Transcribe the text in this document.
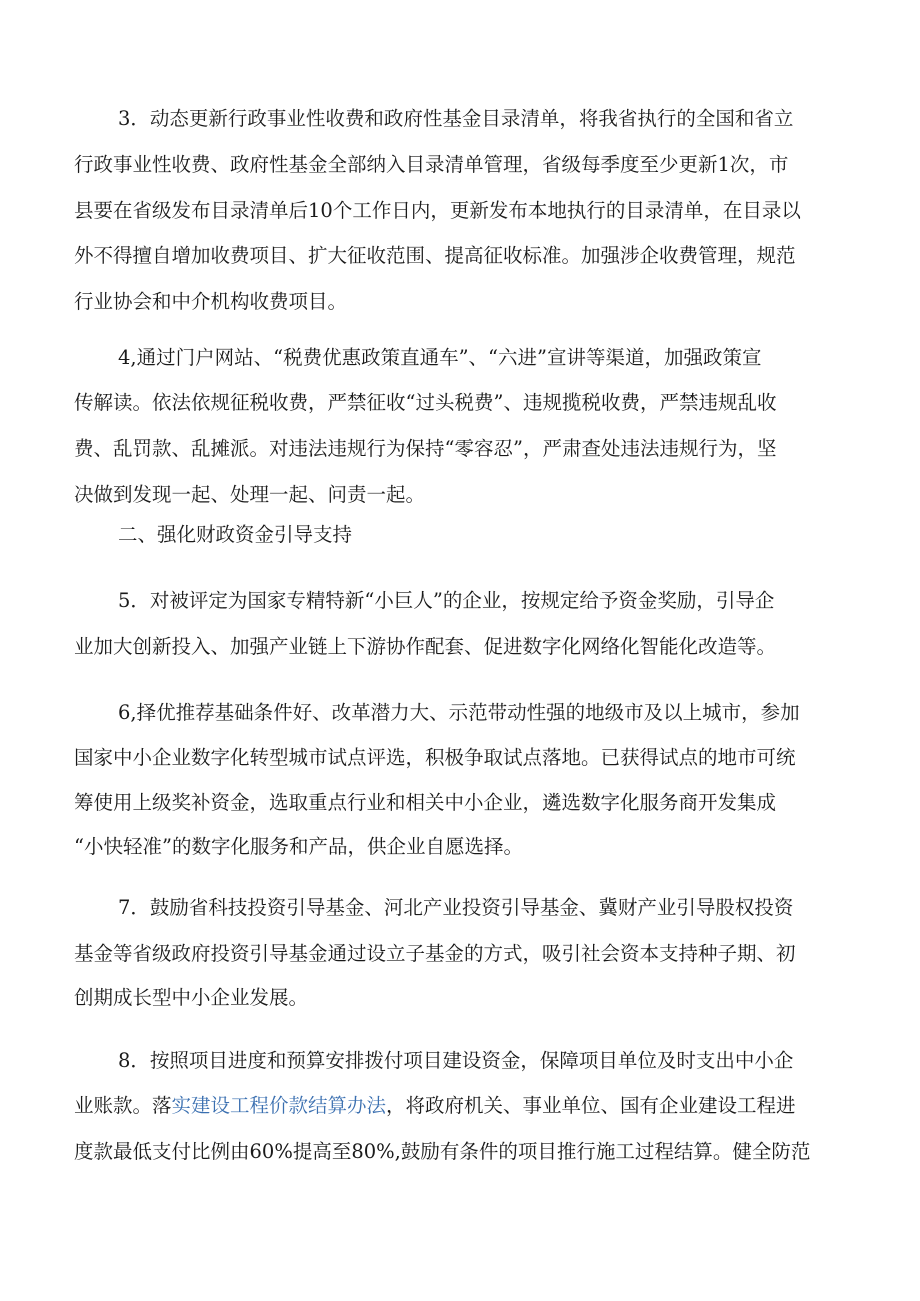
3．动态更新行政事业性收费和政府性基金目录清单，将我省执行的全国和省立
行政事业性收费、政府性基金全部纳入目录清单管理，省级每季度至少更新1次，市
县要在省级发布目录清单后10个工作日内，更新发布本地执行的目录清单，在目录以
外不得擅自增加收费项目、扩大征收范围、提高征收标准。加强涉企收费管理，规范
行业协会和中介机构收费项目。
4,通过门户网站、“税费优惠政策直通车”、“六进”宣讲等渠道，加强政策宣
传解读。依法依规征税收费，严禁征收“过头税费”、违规揽税收费，严禁违规乱收
费、乱罚款、乱摊派。对违法违规行为保持“零容忍”，严肃查处违法违规行为，坚
决做到发现一起、处理一起、问责一起。
二、强化财政资金引导支持
5．对被评定为国家专精特新“小巨人”的企业，按规定给予资金奖励，引导企
业加大创新投入、加强产业链上下游协作配套、促进数字化网络化智能化改造等。
6,择优推荐基础条件好、改革潜力大、示范带动性强的地级市及以上城市，参加
国家中小企业数字化转型城市试点评选，积极争取试点落地。已获得试点的地市可统
筹使用上级奖补资金，选取重点行业和相关中小企业，遴选数字化服务商开发集成
“小快轻准”的数字化服务和产品，供企业自愿选择。
7．鼓励省科技投资引导基金、河北产业投资引导基金、冀财产业引导股权投资
基金等省级政府投资引导基金通过设立子基金的方式，吸引社会资本支持种子期、初
创期成长型中小企业发展。
8．按照项目进度和预算安排拨付项目建设资金，保障项目单位及时支出中小企
业账款。落实建设工程价款结算办法，将政府机关、事业单位、国有企业建设工程进
度款最低支付比例由60%提高至80%,鼓励有条件的项目推行施工过程结算。健全防范
